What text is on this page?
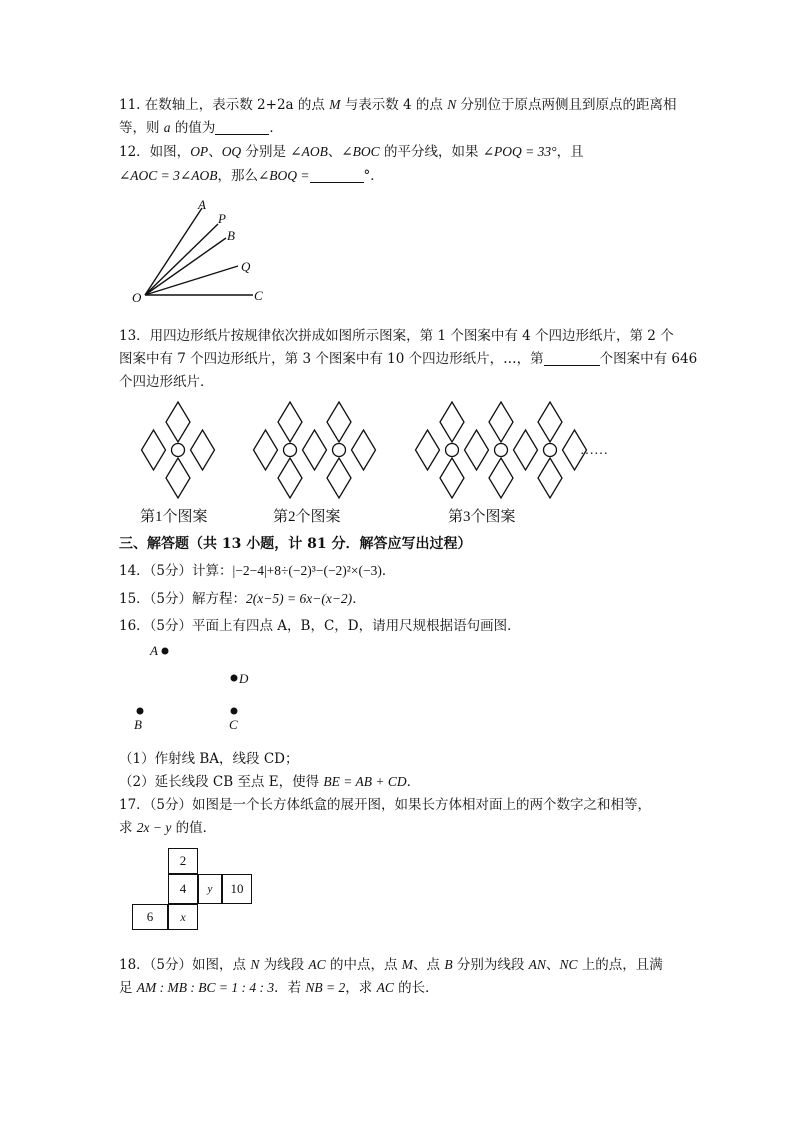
11. 在数轴上，表示数 2+2a 的点 M 与表示数 4 的点 N 分别位于原点两侧且到原点的距离相

等，则 a 的值为	．

12．如图，OP、OQ 分别是 ∠AOB、∠BOC 的平分线，如果 ∠POQ = 33°，且

∠AOC = 3∠AOB，那么∠BOQ =	°．

A
P
B
Q
O	C

13．用四边形纸片按规律依次拼成如图所示图案，第 1 个图案中有 4 个四边形纸片，第 2 个

图案中有 7 个四边形纸片，第 3 个图案中有 10 个四边形纸片，…，第	个图案中有 646

个四边形纸片．

第1个图案	第2个图案	第3个图案
……

三、解答题（共 13 小题，计 81 分．解答应写出过程）

14．（5分）计算：|−2−4|+8÷(−2)³−(−2)²×(−3)．

15．（5分）解方程：2(x−5) = 6x−(x−2)．

16．（5分）平面上有四点 A，B，C，D，请用尺规根据语句画图．

A
D
B	C

（1）作射线 BA，线段 CD；

（2）延长线段 CB 至点 E，使得 BE = AB + CD．

17．（5分）如图是一个长方体纸盒的展开图，如果长方体相对面上的两个数字之和相等，

求 2x − y 的值．

2
4	y	10
6	x

18．（5分）如图，点 N 为线段 AC 的中点，点 M、点 B 分别为线段 AN、NC 上的点，且满

足 AM : MB : BC = 1 : 4 : 3．若 NB = 2，求 AC 的长．
